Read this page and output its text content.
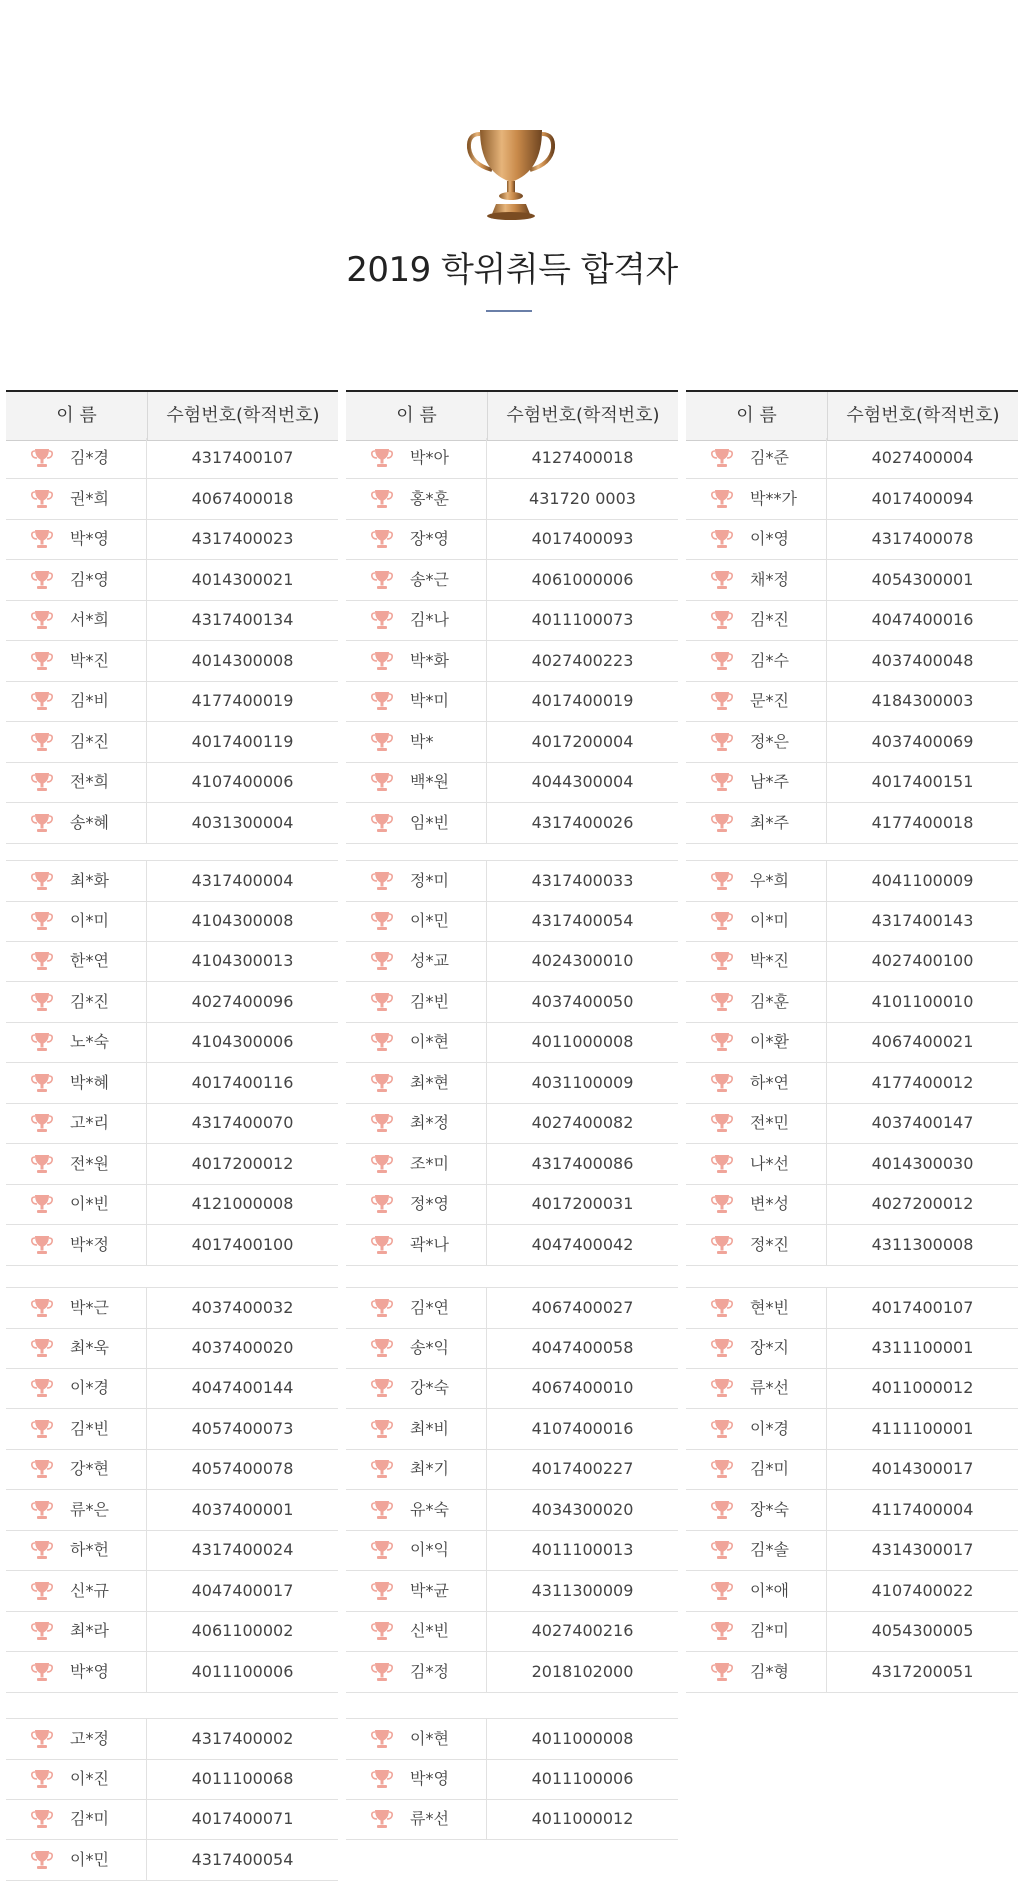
2019 학위취득 합격자
이 름	수험번호(학적번호)
김*경	4317400107
권*희	4067400018
박*영	4317400023
김*영	4014300021
서*희	4317400134
박*진	4014300008
김*비	4177400019
김*진	4017400119
전*희	4107400006
송*혜	4031300004
최*화	4317400004
이*미	4104300008
한*연	4104300013
김*진	4027400096
노*숙	4104300006
박*혜	4017400116
고*리	4317400070
전*원	4017200012
이*빈	4121000008
박*정	4017400100
박*근	4037400032
최*욱	4037400020
이*경	4047400144
김*빈	4057400073
강*현	4057400078
류*은	4037400001
하*헌	4317400024
신*규	4047400017
최*라	4061100002
박*영	4011100006
고*정	4317400002
이*진	4011100068
김*미	4017400071
이*민	4317400054
이 름	수험번호(학적번호)
박*아	4127400018
홍*훈	431720 0003
장*영	4017400093
송*근	4061000006
김*나	4011100073
박*화	4027400223
박*미	4017400019
박*	4017200004
백*원	4044300004
임*빈	4317400026
정*미	4317400033
이*민	4317400054
성*교	4024300010
김*빈	4037400050
이*현	4011000008
최*현	4031100009
최*정	4027400082
조*미	4317400086
정*영	4017200031
곽*나	4047400042
김*연	4067400027
송*익	4047400058
강*숙	4067400010
최*비	4107400016
최*기	4017400227
유*숙	4034300020
이*익	4011100013
박*균	4311300009
신*빈	4027400216
김*정	2018102000
이*현	4011000008
박*영	4011100006
류*선	4011000012
이 름	수험번호(학적번호)
김*준	4027400004
박**가	4017400094
이*영	4317400078
채*정	4054300001
김*진	4047400016
김*수	4037400048
문*진	4184300003
정*은	4037400069
남*주	4017400151
최*주	4177400018
우*희	4041100009
이*미	4317400143
박*진	4027400100
김*훈	4101100010
이*환	4067400021
하*연	4177400012
전*민	4037400147
나*선	4014300030
변*성	4027200012
정*진	4311300008
현*빈	4017400107
장*지	4311100001
류*선	4011000012
이*경	4111100001
김*미	4014300017
장*숙	4117400004
김*솔	4314300017
이*애	4107400022
김*미	4054300005
김*형	4317200051
